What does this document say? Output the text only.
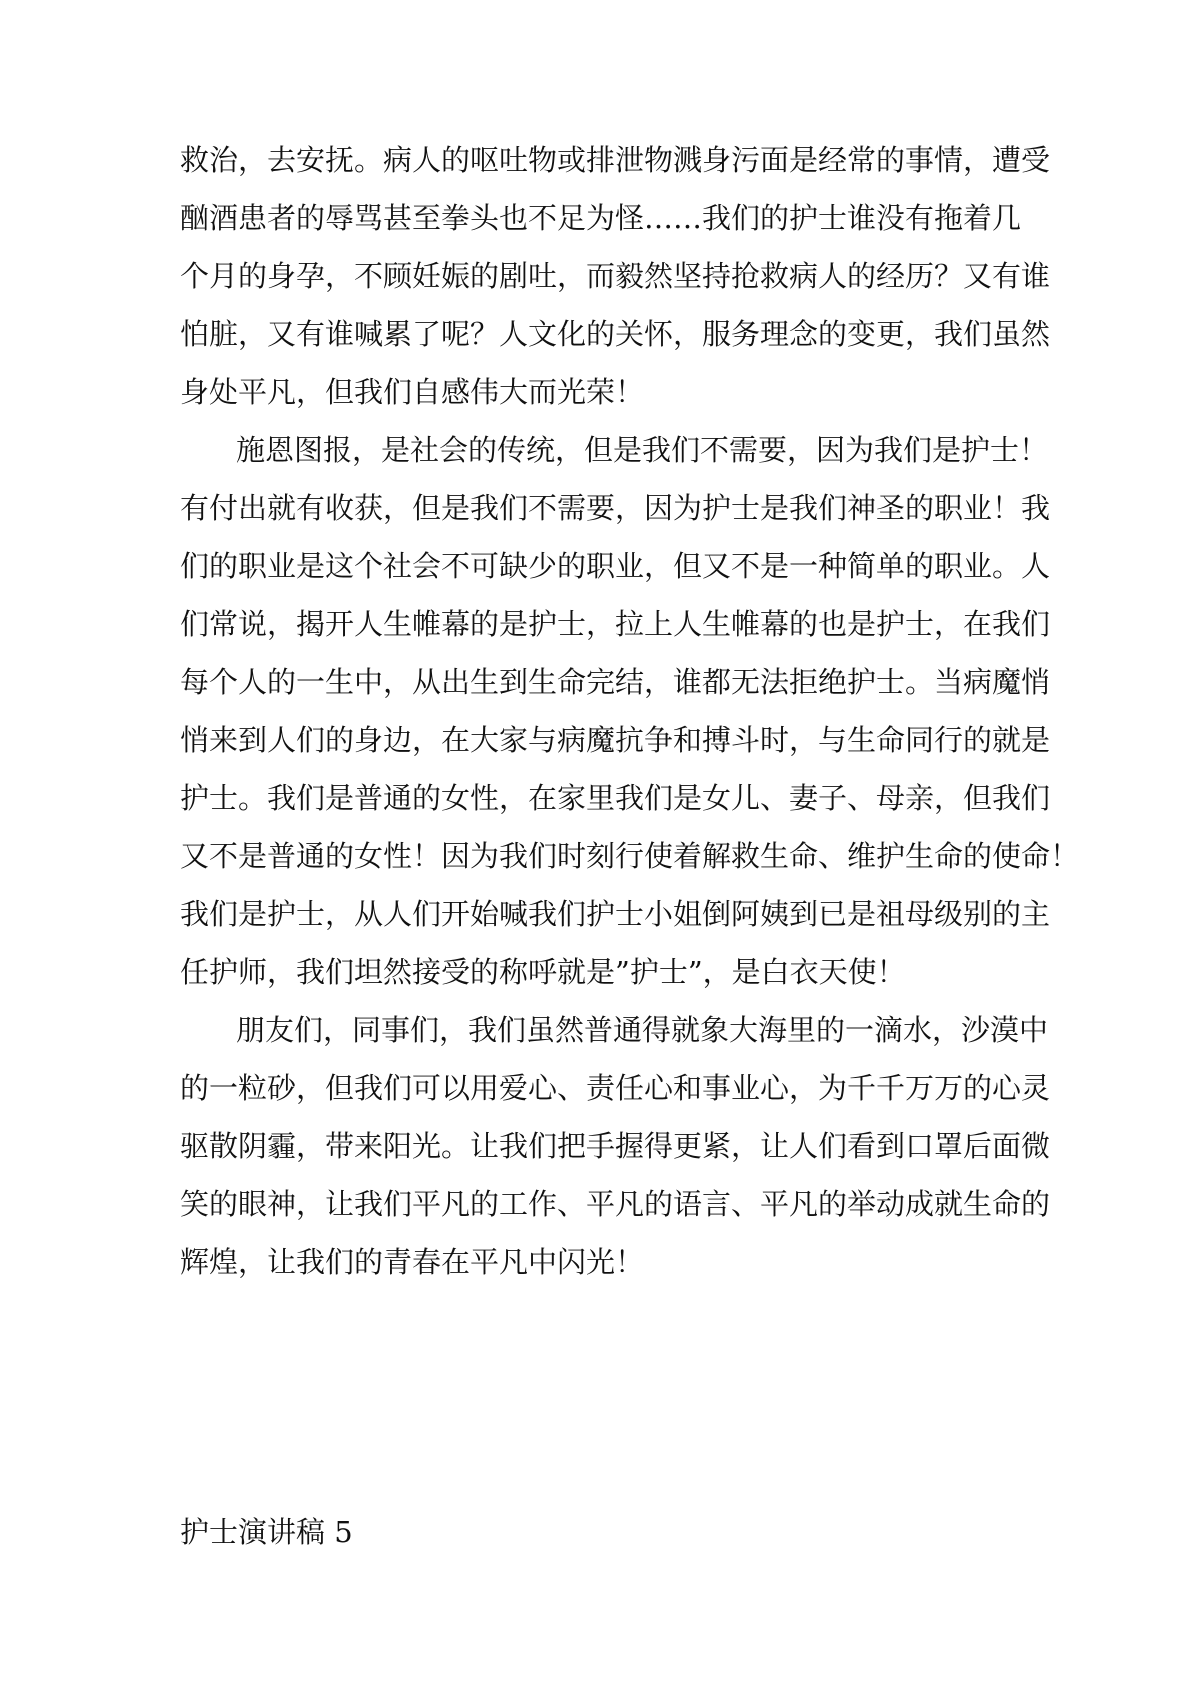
救治，去安抚。病人的呕吐物或排泄物溅身污面是经常的事情，遭受
酗酒患者的辱骂甚至拳头也不足为怪……我们的护士谁没有拖着几
个月的身孕，不顾妊娠的剧吐，而毅然坚持抢救病人的经历？又有谁
怕脏，又有谁喊累了呢？人文化的关怀，服务理念的变更，我们虽然
身处平凡，但我们自感伟大而光荣！
施恩图报，是社会的传统，但是我们不需要，因为我们是护士！
有付出就有收获，但是我们不需要，因为护士是我们神圣的职业！我
们的职业是这个社会不可缺少的职业，但又不是一种简单的职业。人
们常说，揭开人生帷幕的是护士，拉上人生帷幕的也是护士，在我们
每个人的一生中，从出生到生命完结，谁都无法拒绝护士。当病魔悄
悄来到人们的身边，在大家与病魔抗争和搏斗时，与生命同行的就是
护士。我们是普通的女性，在家里我们是女儿、妻子、母亲，但我们
又不是普通的女性！因为我们时刻行使着解救生命、维护生命的使命！
我们是护士，从人们开始喊我们护士小姐倒阿姨到已是祖母级别的主
任护师，我们坦然接受的称呼就是”护士”，是白衣天使！
朋友们，同事们，我们虽然普通得就象大海里的一滴水，沙漠中
的一粒砂，但我们可以用爱心、责任心和事业心，为千千万万的心灵
驱散阴霾，带来阳光。让我们把手握得更紧，让人们看到口罩后面微
笑的眼神，让我们平凡的工作、平凡的语言、平凡的举动成就生命的
辉煌，让我们的青春在平凡中闪光！
护士演讲稿 5
